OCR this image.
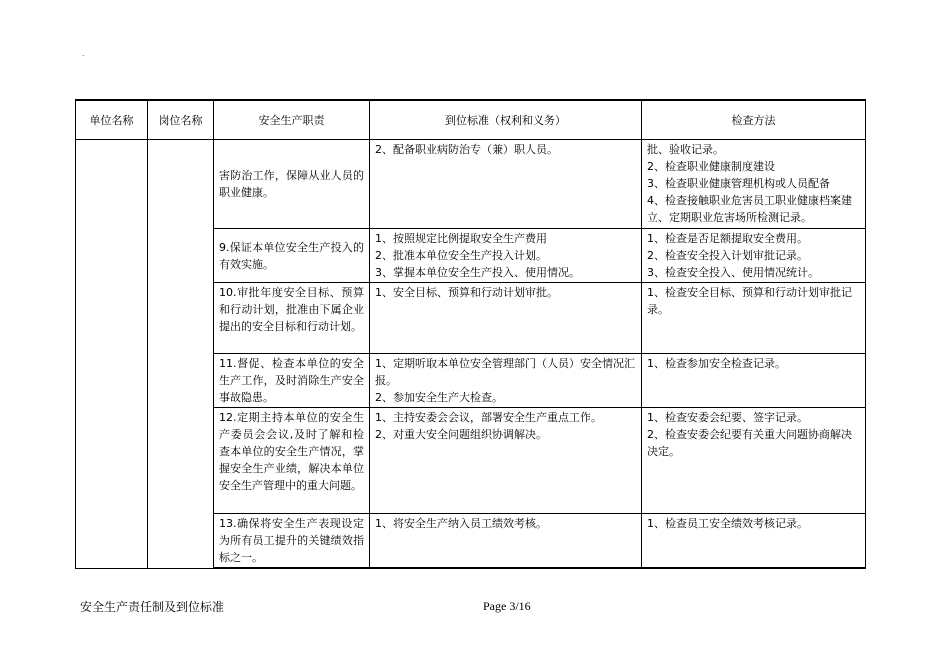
.
单位名称	岗位名称	安全生产职责	到位标准（权利和义务）	检查方法

		害防治工作，保障从业人员的职业健康。	2、配备职业病防治专（兼）职人员。	批、验收记录。
2、检查职业健康制度建设
3、检查职业健康管理机构或人员配备
4、检查接触职业危害员工职业健康档案建立、定期职业危害场所检测记录。

		9.保证本单位安全生产投入的有效实施。	1、按照规定比例提取安全生产费用
2、批准本单位安全生产投入计划。
3、掌握本单位安全生产投入、使用情况。	1、检查是否足额提取安全费用。
2、检查安全投入计划审批记录。
3、检查安全投入、使用情况统计。

		10.审批年度安全目标、预算和行动计划，批准由下属企业提出的安全目标和行动计划。	1、安全目标、预算和行动计划审批。	1、检查安全目标、预算和行动计划审批记录。

		11.督促、检查本单位的安全生产工作，及时消除生产安全事故隐患。	1、定期听取本单位安全管理部门（人员）安全情况汇报。
2、参加安全生产大检查。	1、检查参加安全检查记录。

		12.定期主持本单位的安全生产委员会会议,及时了解和检查本单位的安全生产情况，掌握安全生产业绩，解决本单位安全生产管理中的重大问题。	1、主持安委会会议，部署安全生产重点工作。
2、对重大安全问题组织协调解决。	1、检查安委会纪要、签字记录。
2、检查安委会纪要有关重大问题协商解决决定。

		13.确保将安全生产表现设定为所有员工提升的关键绩效指标之一。	1、将安全生产纳入员工绩效考核。	1、检查员工安全绩效考核记录。
安全生产责任制及到位标准	Page 3/16
